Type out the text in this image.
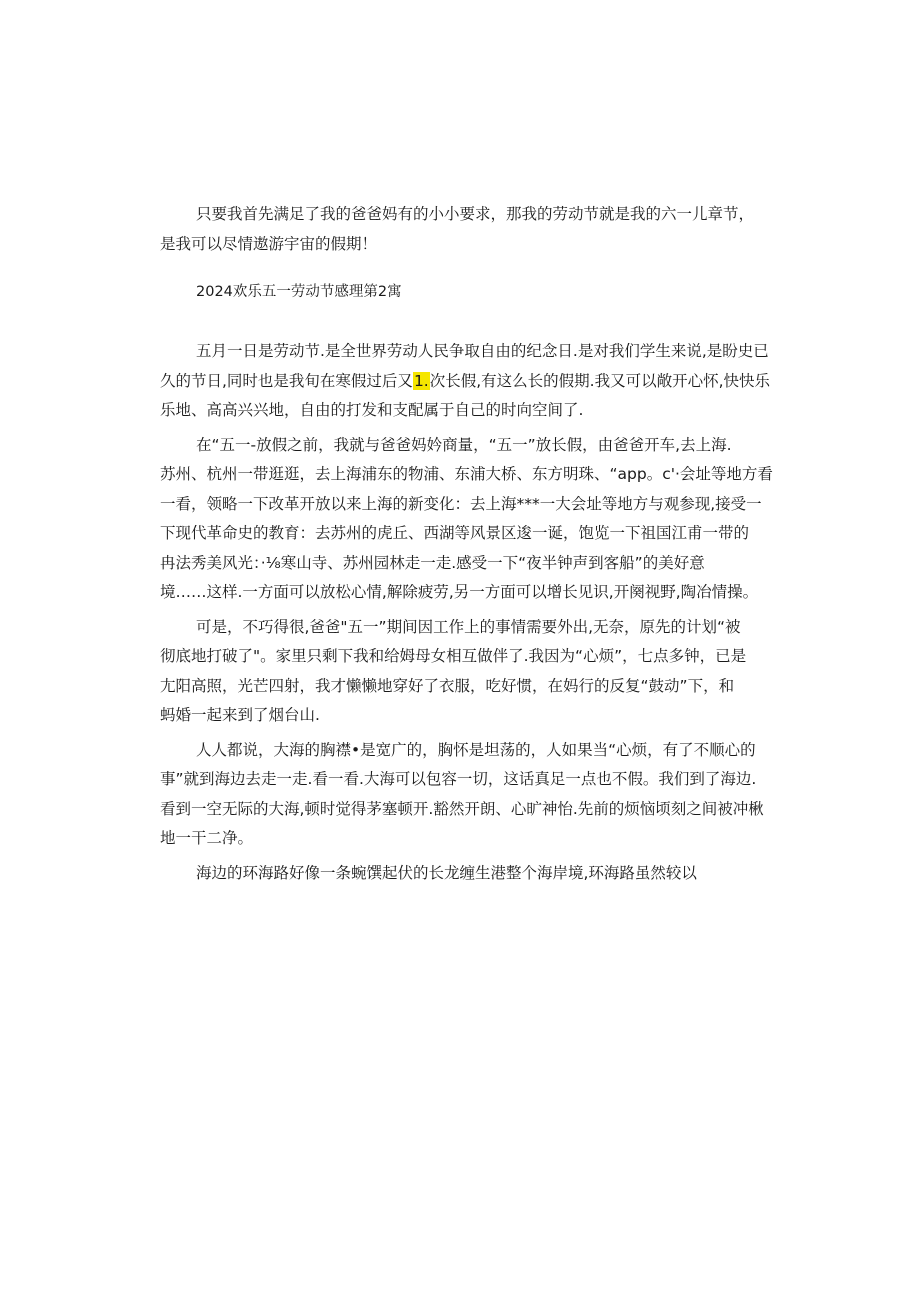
只要我首先满足了我的爸爸妈有的小小要求，那我的劳动节就是我的六一儿章节，
是我可以尽情遨游宇宙的假期！

2024欢乐五一劳动节感理第2寓

五月一日是劳动节.是全世界劳动人民争取自由的纪念日.是对我们学生来说,是盼史已
久的节日,同时也是我旬在寒假过后又1.次长假,有这么长的假期.我又可以敞开心怀,快快乐
乐地、高高兴兴地，自由的打发和支配属于自己的时向空间了.

在“五一-放假之前，我就与爸爸妈妗商量，“五一”放长假，由爸爸开车,去上海.
苏州、杭州一带逛逛，去上海浦东的物浦、东浦大桥、东方明珠、“app。c'·会址等地方看
一看，领略一下改革开放以来上海的新变化：去上海***一大会址等地方与观参现,接受一
下现代革命史的教育：去苏州的虎丘、西湖等风景区逡一诞，饱览一下祖国江甫一带的
冉法秀美风光：·⅛寒山寺、苏州园林走一走.感受一下“夜半钟声到客船”的美好意
境……这样.一方面可以放松心情,解除疲劳,另一方面可以增长见识,开阕视野,陶冶情操。

可是，不巧得很,爸爸"五一”期间因工作上的事情需要外出,无奈，原先的计划“被
彻底地打破了"。家里只剩下我和给姆母女相互做伴了.我因为“心烦”，七点多钟，已是
尢阳高照，光芒四射，我才懒懒地穿好了衣服，吃好惯，在妈行的反复“鼓动”下，和
蚂婚一起来到了烟台山.

人人都说，大海的胸襟•是宽广的，胸怀是坦荡的，人如果当“心烦，有了不顺心的
事”就到海边去走一走.看一看.大海可以包容一切，这话真足一点也不假。我们到了海边.
看到一空无际的大海,顿时觉得茅塞顿开.豁然开朗、心旷神怡.先前的烦恼顷刻之间被冲楸
地一干二净。

海边的环海路好像一条蜿馔起伏的长龙缠生港整个海岸境,环海路虽然较以
